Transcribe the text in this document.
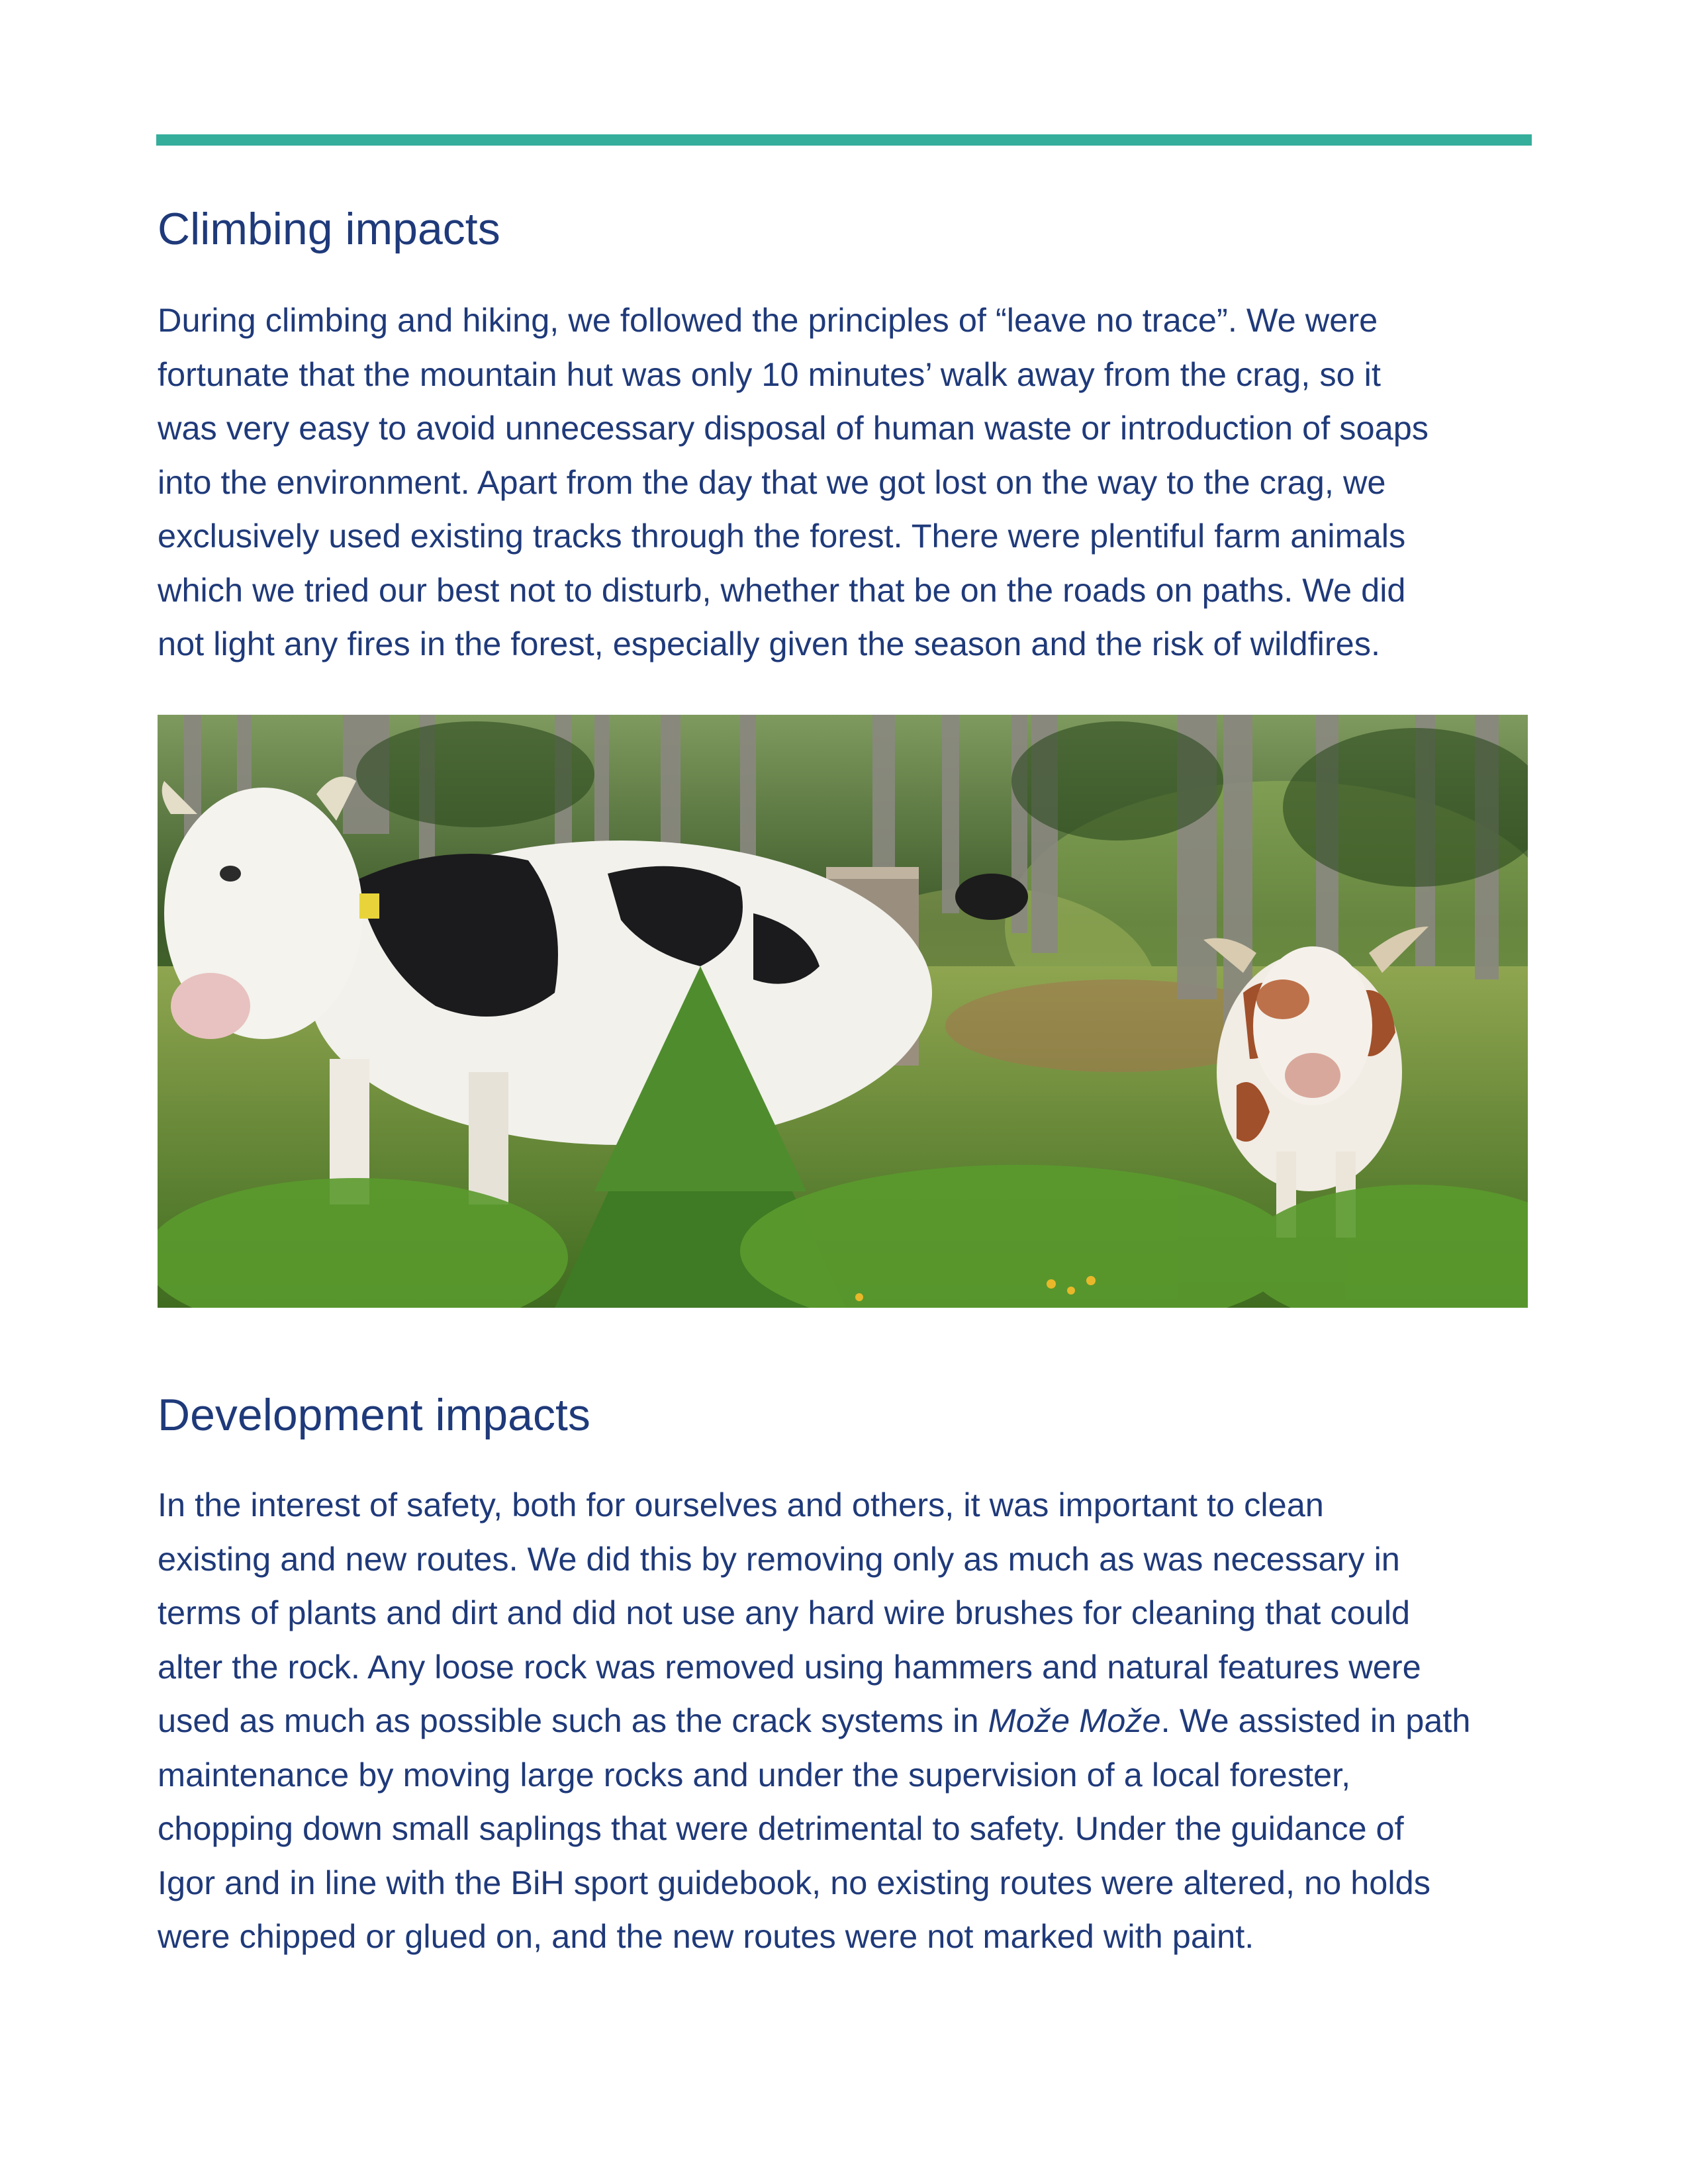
Climbing impacts
During climbing and hiking, we followed the principles of “leave no trace”. We were
fortunate that the mountain hut was only 10 minutes’ walk away from the crag, so it
was very easy to avoid unnecessary disposal of human waste or introduction of soaps
into the environment. Apart from the day that we got lost on the way to the crag, we
exclusively used existing tracks through the forest. There were plentiful farm animals
which we tried our best not to disturb, whether that be on the roads on paths. We did
not light any fires in the forest, especially given the season and the risk of wildfires.
Development impacts
In the interest of safety, both for ourselves and others, it was important to clean
existing and new routes. We did this by removing only as much as was necessary in
terms of plants and dirt and did not use any hard wire brushes for cleaning that could
alter the rock. Any loose rock was removed using hammers and natural features were
used as much as possible such as the crack systems in Može Može. We assisted in path
maintenance by moving large rocks and under the supervision of a local forester,
chopping down small saplings that were detrimental to safety. Under the guidance of
Igor and in line with the BiH sport guidebook, no existing routes were altered, no holds
were chipped or glued on, and the new routes were not marked with paint.
